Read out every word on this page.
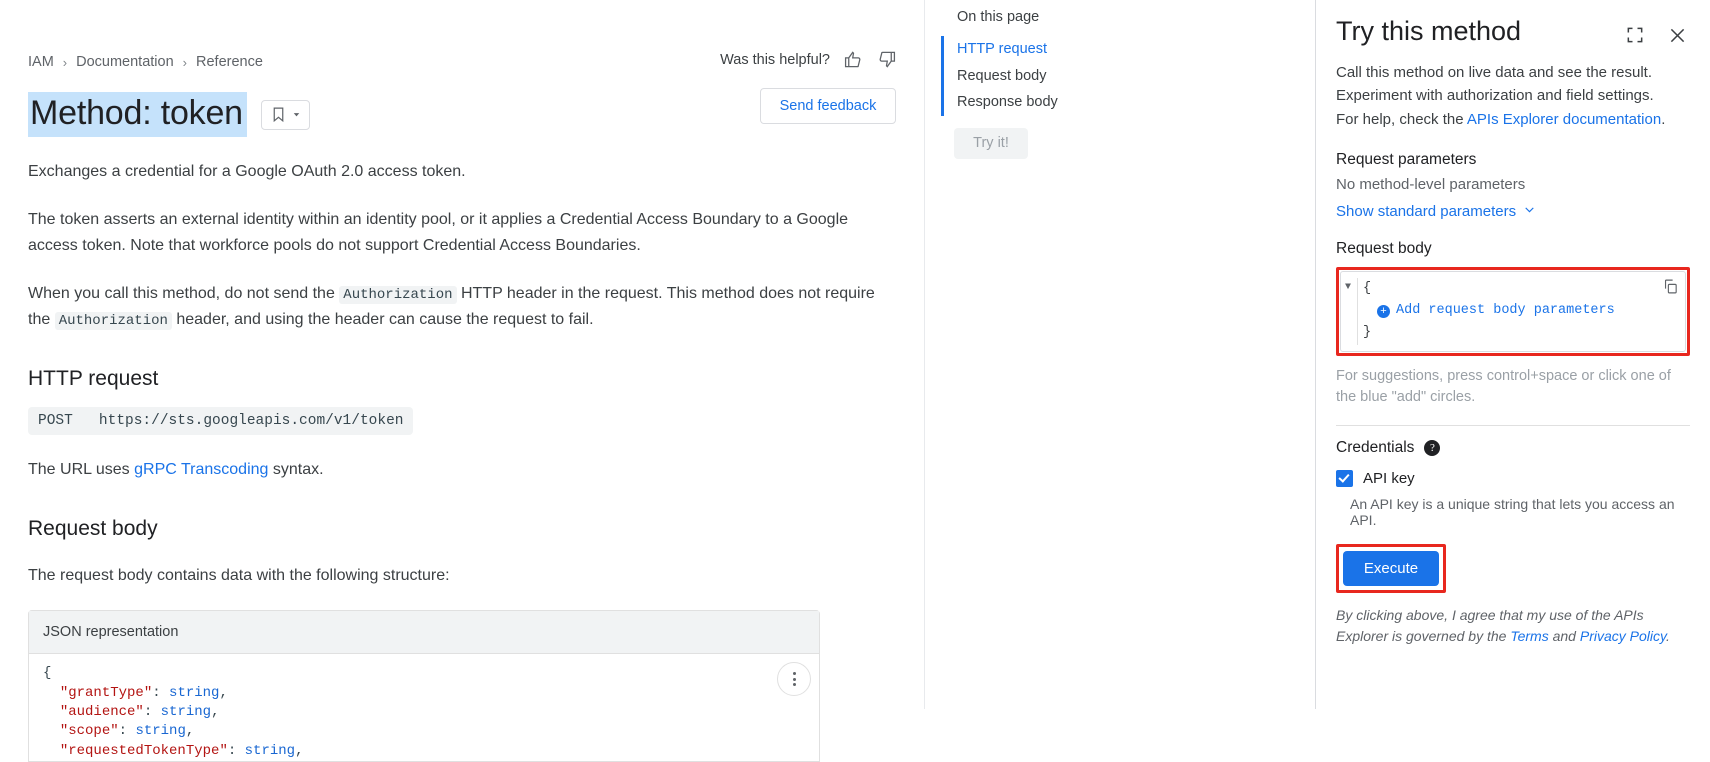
IAM › Documentation › Reference	Was this helpful?
Send feedback
Method: token

Exchanges a credential for a Google OAuth 2.0 access token.

The token asserts an external identity within an identity pool, or it applies a Credential Access Boundary to a Google access token. Note that workforce pools do not support Credential Access Boundaries.

When you call this method, do not send the Authorization HTTP header in the request. This method does not require the Authorization header, and using the header can cause the request to fail.

HTTP request
POST https://sts.googleapis.com/v1/token

The URL uses gRPC Transcoding syntax.

Request body

The request body contains data with the following structure:

JSON representation
{
"grantType": string,
"audience": string,
"scope": string,
"requestedTokenType": string,
On this page
HTTP request
Request body
Response body
Try it!
Try this method

Call this method on live data and see the result.
Experiment with authorization and field settings.
For help, check the APIs Explorer documentation.

Request parameters
No method-level parameters
Show standard parameters
Request body
▼ {
+ Add request body parameters
}
For suggestions, press control+space or click one of the blue "add" circles.
Credentials	?
API key
An API key is a unique string that lets you access an API.
Execute
By clicking above, I agree that my use of the APIs Explorer is governed by the Terms and Privacy Policy.
